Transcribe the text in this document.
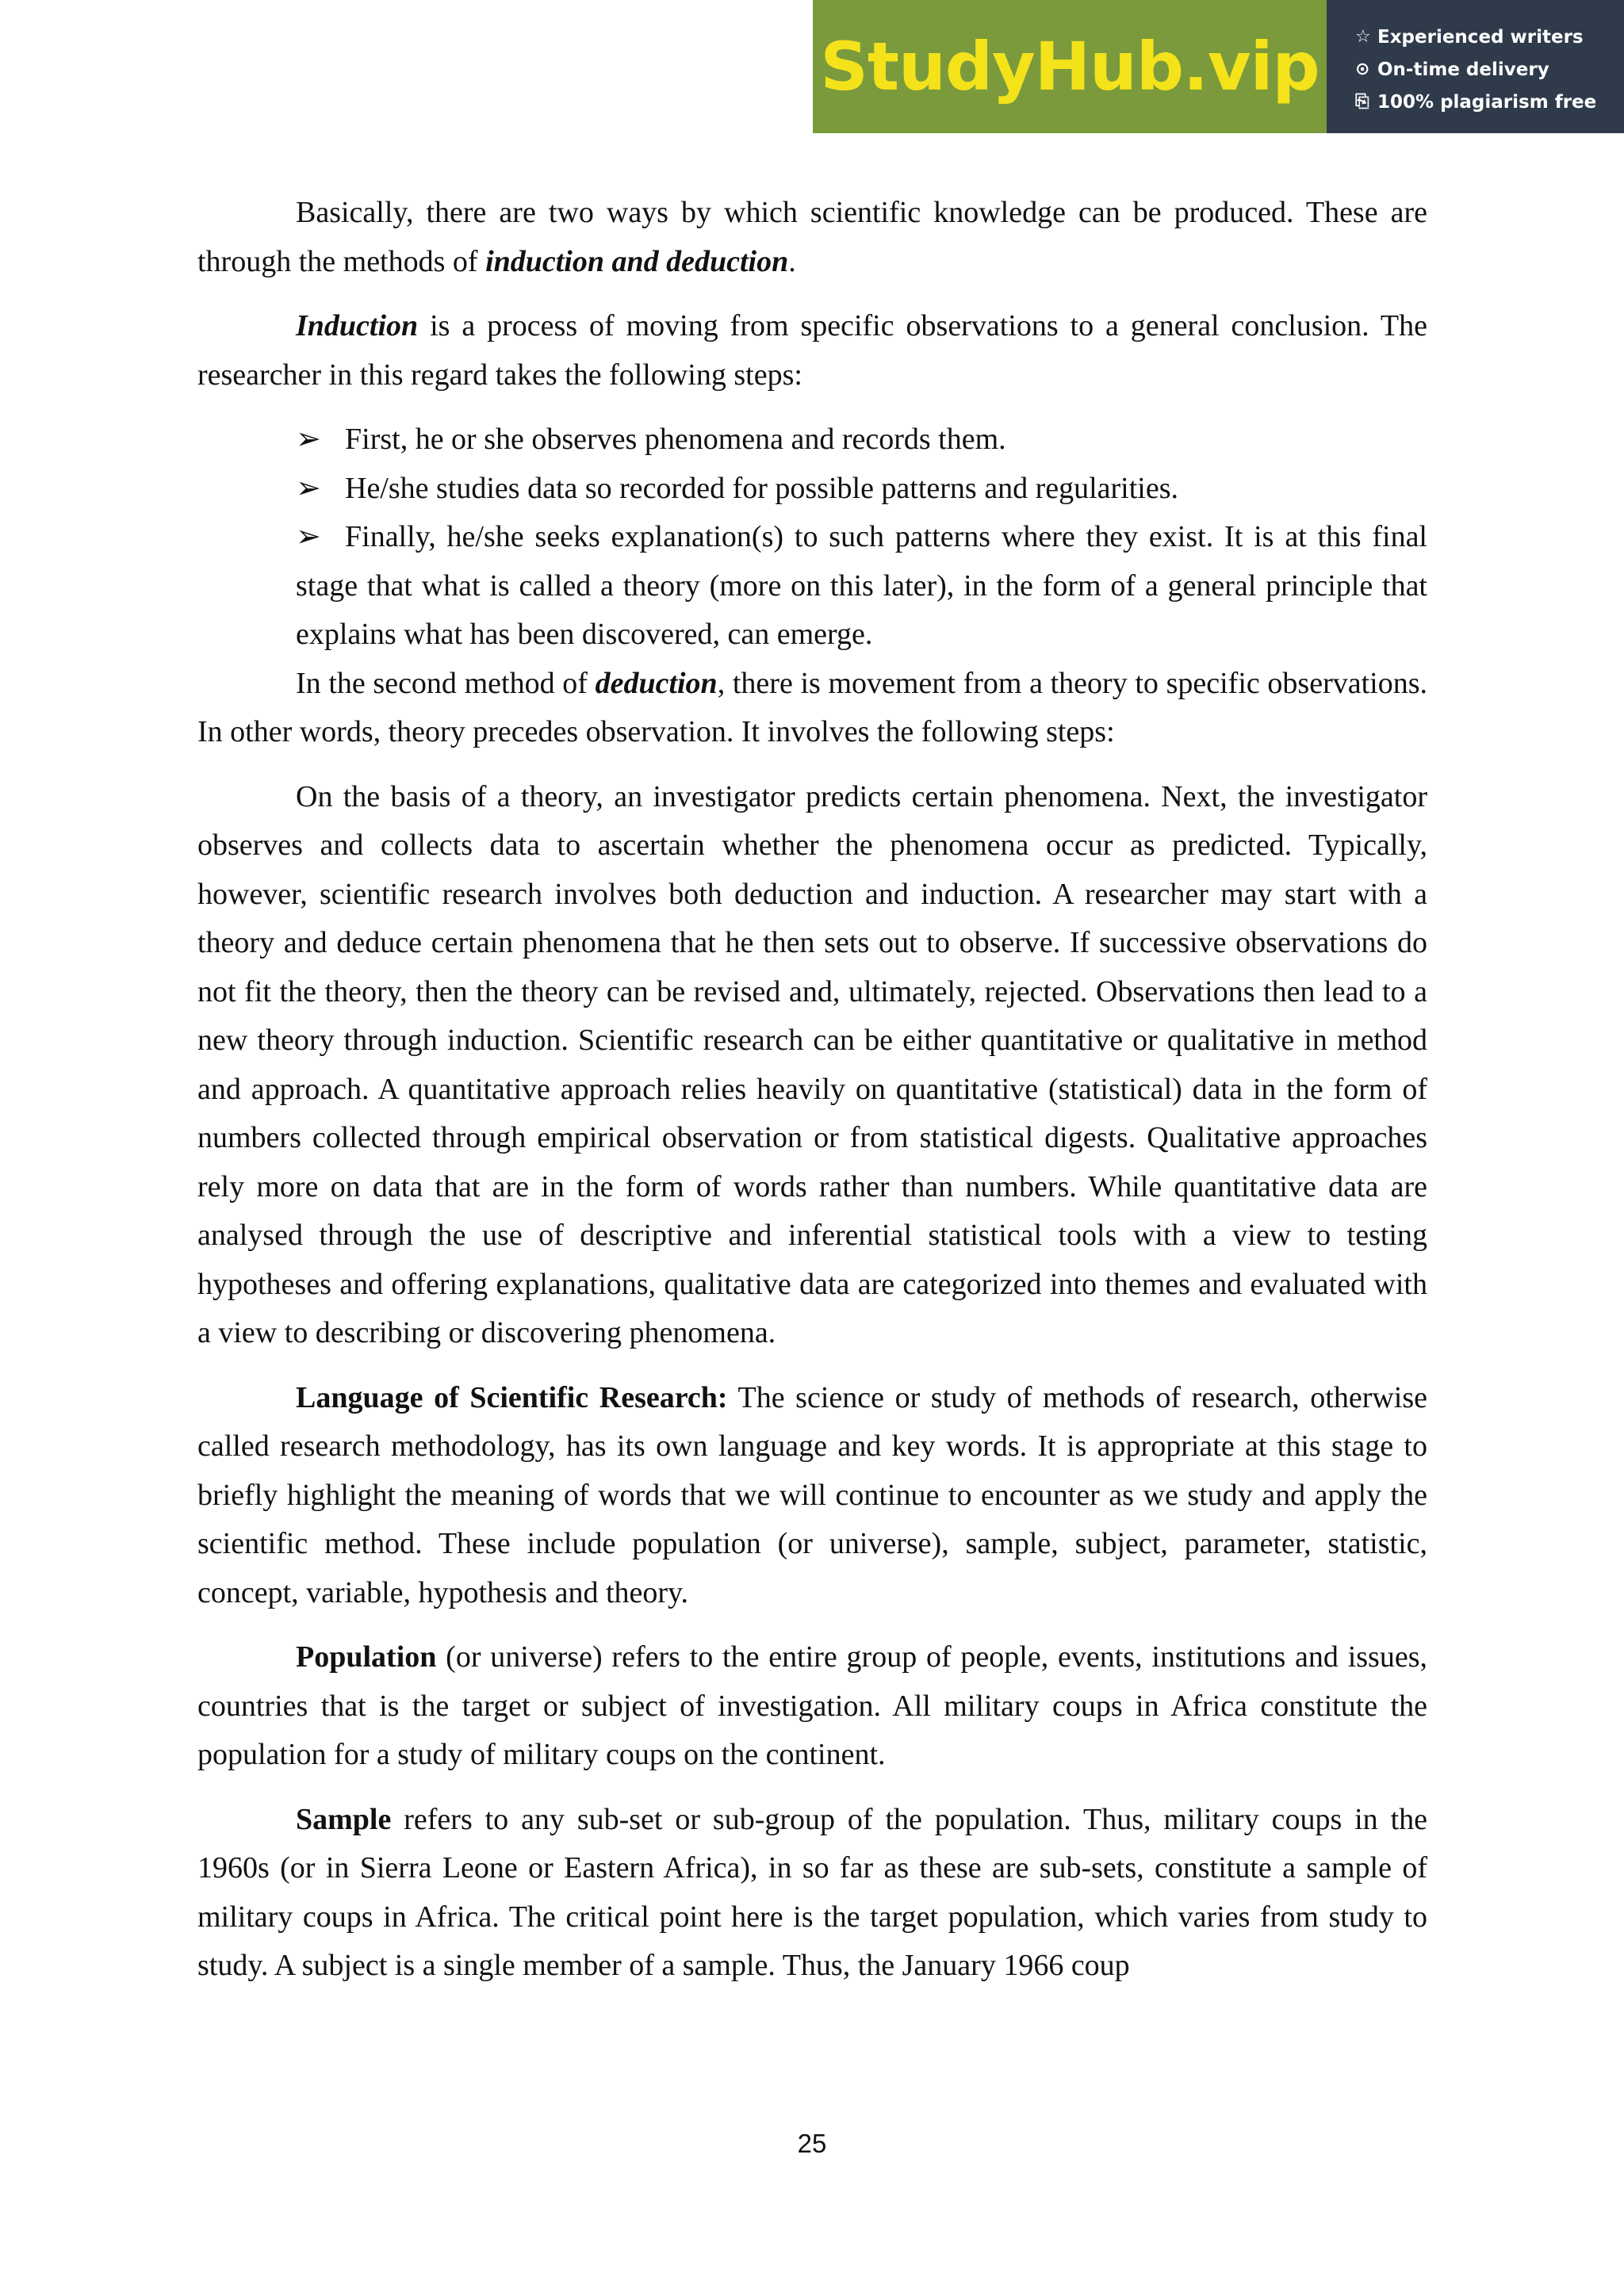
StudyHub.vip ☆ Experienced writers
⊙ On-time delivery
⎘ 100% plagiarism free

Basically, there are two ways by which scientific knowledge can be produced. These are through the methods of induction and deduction.

Induction is a process of moving from specific observations to a general conclusion. The researcher in this regard takes the following steps:

➢ First, he or she observes phenomena and records them.
➢ He/she studies data so recorded for possible patterns and regularities.
➢ Finally, he/she seeks explanation(s) to such patterns where they exist. It is at this final stage that what is called a theory (more on this later), in the form of a general principle that explains what has been discovered, can emerge.

In the second method of deduction, there is movement from a theory to specific observations. In other words, theory precedes observation. It involves the following steps:

On the basis of a theory, an investigator predicts certain phenomena. Next, the investigator observes and collects data to ascertain whether the phenomena occur as predicted. Typically, however, scientific research involves both deduction and induction. A researcher may start with a theory and deduce certain phenomena that he then sets out to observe. If successive observations do not fit the theory, then the theory can be revised and, ultimately, rejected. Observations then lead to a new theory through induction. Scientific research can be either quantitative or qualitative in method and approach. A quantitative approach relies heavily on quantitative (statistical) data in the form of numbers collected through empirical observation or from statistical digests. Qualitative approaches rely more on data that are in the form of words rather than numbers. While quantitative data are analysed through the use of descriptive and inferential statistical tools with a view to testing hypotheses and offering explanations, qualitative data are categorized into themes and evaluated with a view to describing or discovering phenomena.

Language of Scientific Research: The science or study of methods of research, otherwise called research methodology, has its own language and key words. It is appropriate at this stage to briefly highlight the meaning of words that we will continue to encounter as we study and apply the scientific method. These include population (or universe), sample, subject, parameter, statistic, concept, variable, hypothesis and theory.

Population (or universe) refers to the entire group of people, events, institutions and issues, countries that is the target or subject of investigation. All military coups in Africa constitute the population for a study of military coups on the continent.

Sample refers to any sub-set or sub-group of the population. Thus, military coups in the 1960s (or in Sierra Leone or Eastern Africa), in so far as these are sub-sets, constitute a sample of military coups in Africa. The critical point here is the target population, which varies from study to study. A subject is a single member of a sample. Thus, the January 1966 coup

25
